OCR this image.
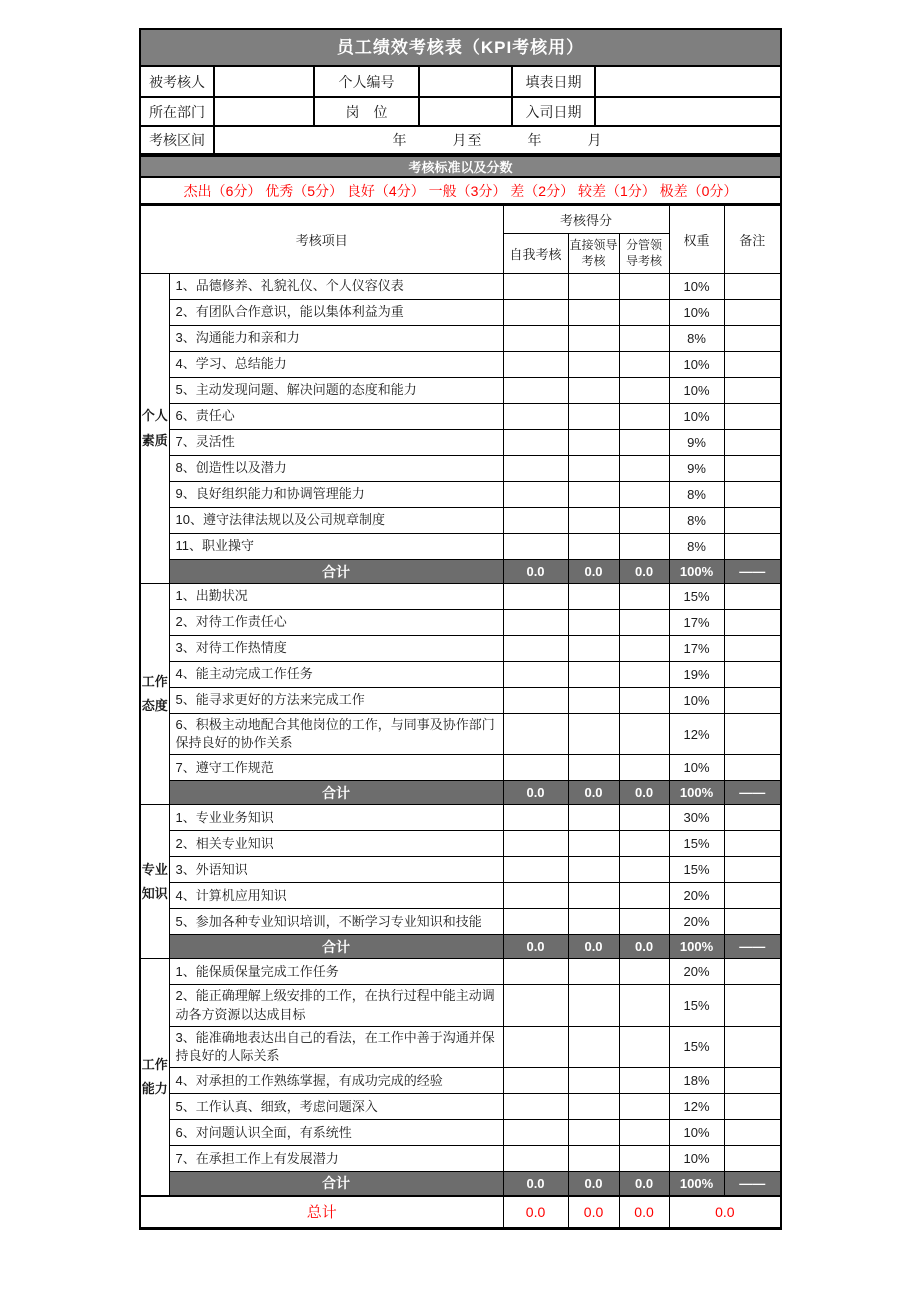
员工绩效考核表（KPI考核用）
被考核人		个人编号		填表日期	
所在部门		岗　位		入司日期	
考核区间	年　　　月至　　　年　　　月				
考核标准以及分数
杰出（6分） 优秀（5分） 良好（4分） 一般（3分） 差（2分） 较差（1分） 极差（0分）
考核项目		考核得分			权重	备注
		自我考核	直接领导考核	分管领导考核		
个人素质	1、品德修养、礼貌礼仪、个人仪容仪表				10%	
	2、有团队合作意识，能以集体利益为重				10%	
	3、沟通能力和亲和力				8%	
	4、学习、总结能力				10%	
	5、主动发现问题、解决问题的态度和能力				10%	
	6、责任心				10%	
	7、灵活性				9%	
	8、创造性以及潜力				9%	
	9、良好组织能力和协调管理能力				8%	
	10、遵守法律法规以及公司规章制度				8%	
	11、职业操守				8%	
	合计	0.0	0.0	0.0	100%	——
工作态度	1、出勤状况				15%	
	2、对待工作责任心				17%	
	3、对待工作热情度				17%	
	4、能主动完成工作任务				19%	
	5、能寻求更好的方法来完成工作				10%	
	6、积极主动地配合其他岗位的工作，与同事及协作部门保持良好的协作关系				12%	
	7、遵守工作规范				10%	
	合计	0.0	0.0	0.0	100%	——
专业知识	1、专业业务知识				30%	
	2、相关专业知识				15%	
	3、外语知识				15%	
	4、计算机应用知识				20%	
	5、参加各种专业知识培训，不断学习专业知识和技能				20%	
	合计	0.0	0.0	0.0	100%	——
工作能力	1、能保质保量完成工作任务				20%	
	2、能正确理解上级安排的工作，在执行过程中能主动调动各方资源以达成目标				15%	
	3、能准确地表达出自己的看法，在工作中善于沟通并保持良好的人际关系				15%	
	4、对承担的工作熟练掌握，有成功完成的经验				18%	
	5、工作认真、细致，考虑问题深入				12%	
	6、对问题认识全面，有系统性				10%	
	7、在承担工作上有发展潜力				10%	
	合计	0.0	0.0	0.0	100%	——
总计		0.0	0.0	0.0	0.0	
